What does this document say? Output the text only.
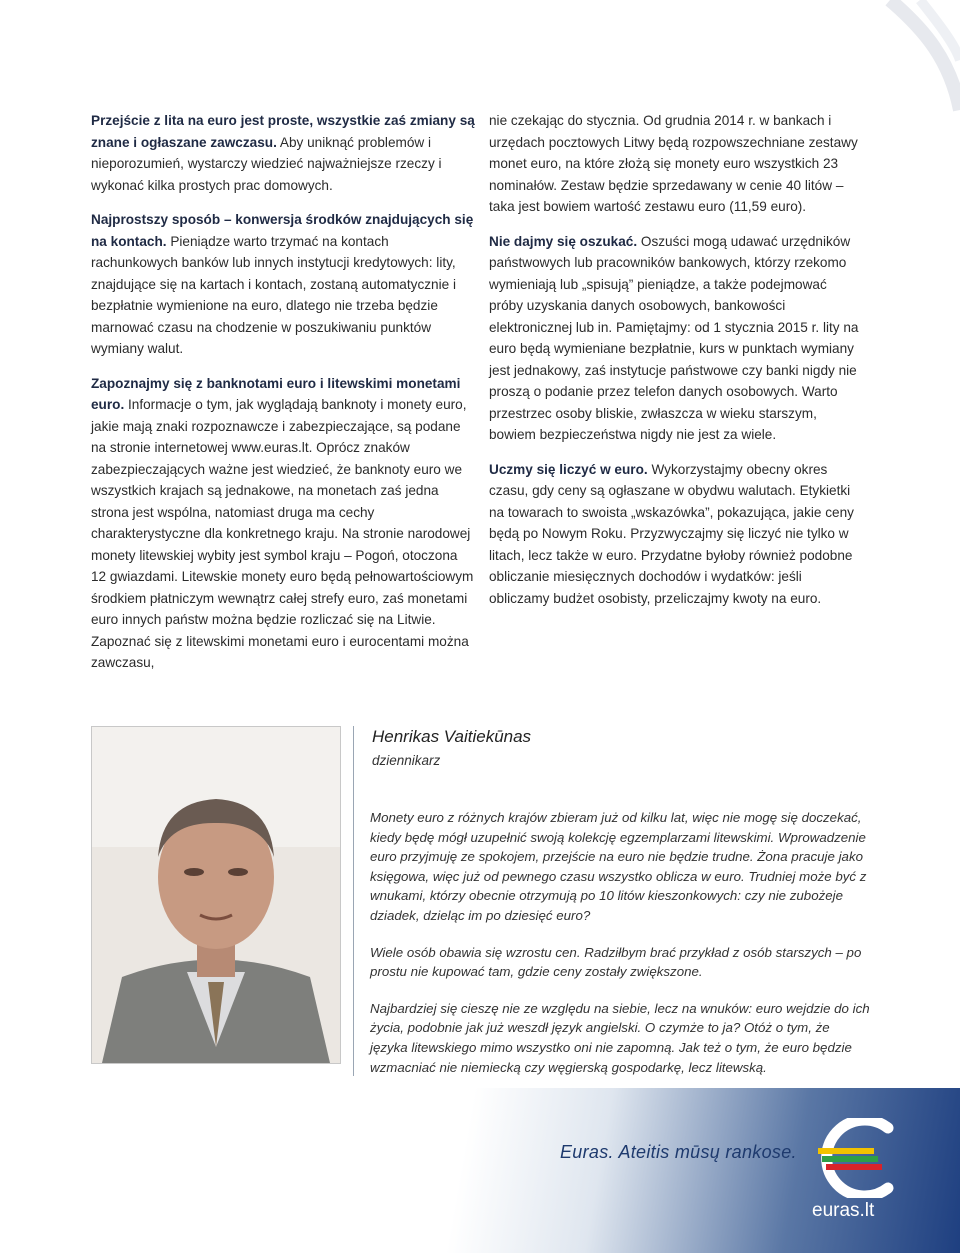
Przejście z lita na euro jest proste, wszystkie zaś zmiany są znane i ogłaszane zawczasu. Aby uniknąć problemów i nieporozumień, wystarczy wiedzieć najważniejsze rzeczy i wykonać kilka prostych prac domowych.

Najprostszy sposób – konwersja środków znajdujących się na kontach. Pieniądze warto trzymać na kontach rachunkowych banków lub innych instytucji kredytowych: lity, znajdujące się na kartach i kontach, zostaną automatycznie i bezpłatnie wymienione na euro, dlatego nie trzeba będzie marnować czasu na chodzenie w poszukiwaniu punktów wymiany walut.

Zapoznajmy się z banknotami euro i litewskimi monetami euro. Informacje o tym, jak wyglądają banknoty i monety euro, jakie mają znaki rozpoznawcze i zabezpieczające, są podane na stronie internetowej www.euras.lt. Oprócz znaków zabezpieczających ważne jest wiedzieć, że banknoty euro we wszystkich krajach są jednakowe, na monetach zaś jedna strona jest wspólna, natomiast druga ma cechy charakterystyczne dla konkretnego kraju. Na stronie narodowej monety litewskiej wybity jest symbol kraju – Pogoń, otoczona 12 gwiazdami. Litewskie monety euro będą pełnowartościowym środkiem płatniczym wewnątrz całej strefy euro, zaś monetami euro innych państw można będzie rozliczać się na Litwie. Zapoznać się z litewskimi monetami euro i eurocentami można zawczasu,

nie czekając do stycznia. Od grudnia 2014 r. w bankach i urzędach pocztowych Litwy będą rozpowszechniane zestawy monet euro, na które złożą się monety euro wszystkich 23 nominałów. Zestaw będzie sprzedawany w cenie 40 litów – taka jest bowiem wartość zestawu euro (11,59 euro).

Nie dajmy się oszukać. Oszuści mogą udawać urzędników państwowych lub pracowników bankowych, którzy rzekomo wymieniają lub „spisują” pieniądze, a także podejmować próby uzyskania danych osobowych, bankowości elektronicznej lub in. Pamiętajmy: od 1 stycznia 2015 r. lity na euro będą wymieniane bezpłatnie, kurs w punktach wymiany jest jednakowy, zaś instytucje państwowe czy banki nigdy nie proszą o podanie przez telefon danych osobowych. Warto przestrzec osoby bliskie, zwłaszcza w wieku starszym, bowiem bezpieczeństwa nigdy nie jest za wiele.

Uczmy się liczyć w euro. Wykorzystajmy obecny okres czasu, gdy ceny są ogłaszane w obydwu walutach. Etykietki na towarach to swoista „wskazówka”, pokazująca, jakie ceny będą po Nowym Roku. Przyzwyczajmy się liczyć nie tylko w litach, lecz także w euro. Przydatne byłoby również podobne obliczanie miesięcznych dochodów i wydatków: jeśli obliczamy budżet osobisty, przeliczajmy kwoty na euro.

Henrikas Vaitiekūnas
dziennikarz

Monety euro z różnych krajów zbieram już od kilku lat, więc nie mogę się doczekać, kiedy będę mógł uzupełnić swoją kolekcję egzemplarzami litewskimi. Wprowadzenie euro przyjmuję ze spokojem, przejście na euro nie będzie trudne. Żona pracuje jako księgowa, więc już od pewnego czasu wszystko oblicza w euro. Trudniej może być z wnukami, którzy obecnie otrzymują po 10 litów kieszonkowych: czy nie zubożeje dziadek, dzieląc im po dziesięć euro?

Wiele osób obawia się wzrostu cen. Radziłbym brać przykład z osób starszych – po prostu nie kupować tam, gdzie ceny zostały zwiększone.

Najbardziej się cieszę nie ze względu na siebie, lecz na wnuków: euro wejdzie do ich życia, podobnie jak już weszdł język angielski. O czymże to ja? Otóż o tym, że języka litewskiego mimo wszystko oni nie zapomną. Jak też o tym, że euro będzie wzmacniać nie niemiecką czy węgierską gospodarkę, lecz litewską.

Euras. Ateitis mūsų rankose.
euras.lt
